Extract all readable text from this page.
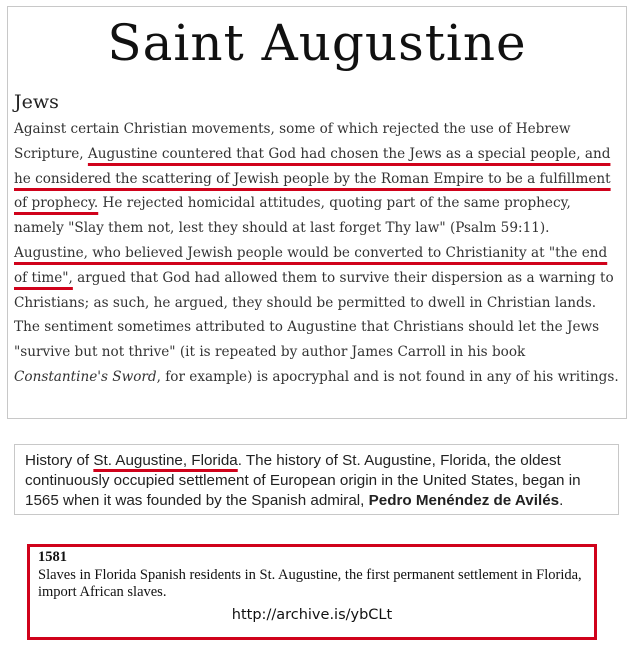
Saint Augustine
Jews

Against certain Christian movements, some of which rejected the use of Hebrew Scripture, Augustine countered that God had chosen the Jews as a special people, and he considered the scattering of Jewish people by the Roman Empire to be a fulfillment of prophecy. He rejected homicidal attitudes, quoting part of the same prophecy, namely "Slay them not, lest they should at last forget Thy law" (Psalm 59:11). Augustine, who believed Jewish people would be converted to Christianity at "the end of time", argued that God had allowed them to survive their dispersion as a warning to Christians; as such, he argued, they should be permitted to dwell in Christian lands. The sentiment sometimes attributed to Augustine that Christians should let the Jews "survive but not thrive" (it is repeated by author James Carroll in his book Constantine's Sword, for example) is apocryphal and is not found in any of his writings.

History of St. Augustine, Florida. The history of St. Augustine, Florida, the oldest continuously occupied settlement of European origin in the United States, began in 1565 when it was founded by the Spanish admiral, Pedro Menéndez de Avilés.

1581

Slaves in Florida Spanish residents in St. Augustine, the first permanent settlement in Florida, import African slaves.

http://archive.is/ybCLt
